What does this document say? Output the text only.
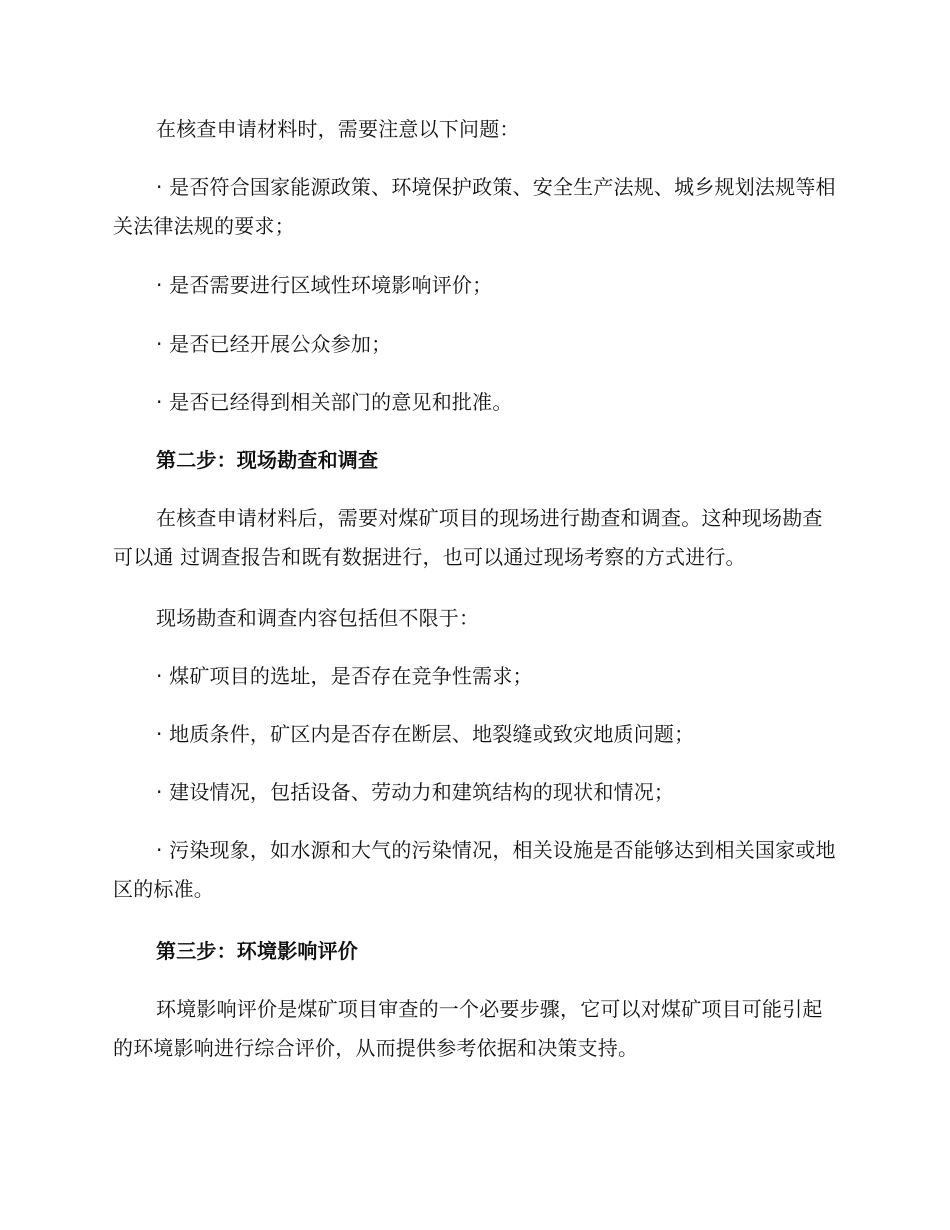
在核查申请材料时，需要注意以下问题：

· 是否符合国家能源政策、环境保护政策、安全生产法规、城乡规划法规等相关法律法规的要求；

· 是否需要进行区域性环境影响评价；

· 是否已经开展公众参加；

· 是否已经得到相关部门的意见和批准。

第二步：现场勘查和调查

在核查申请材料后，需要对煤矿项目的现场进行勘查和调查。这种现场勘查可以通 过调查报告和既有数据进行，也可以通过现场考察的方式进行。

现场勘查和调查内容包括但不限于：

· 煤矿项目的选址，是否存在竞争性需求；

· 地质条件，矿区内是否存在断层、地裂缝或致灾地质问题；

· 建设情况，包括设备、劳动力和建筑结构的现状和情况；

· 污染现象，如水源和大气的污染情况，相关设施是否能够达到相关国家或地区的标准。

第三步：环境影响评价

环境影响评价是煤矿项目审查的一个必要步骤，它可以对煤矿项目可能引起的环境影响进行综合评价，从而提供参考依据和决策支持。
